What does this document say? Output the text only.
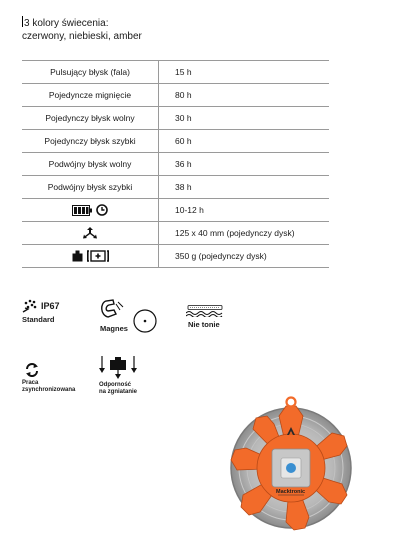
3 kolory świecenia:
czerwony, niebieski, amber
Pulsujący błysk (fala)	15 h
Pojedyncze mignięcie	80 h
Pojedynczy błysk wolny	30 h
Pojedynczy błysk szybki	60 h
Podwójny błysk wolny	36 h
Podwójny błysk szybki	38 h

	10-12 h

	125 x 40 mm (pojedynczy dysk)

	350 g (pojedynczy dysk)
IP67
Standard
Magnes	Nie tonie
Praca
zsynchronizowana
Odporność
na zgniatanie
Macktronic
